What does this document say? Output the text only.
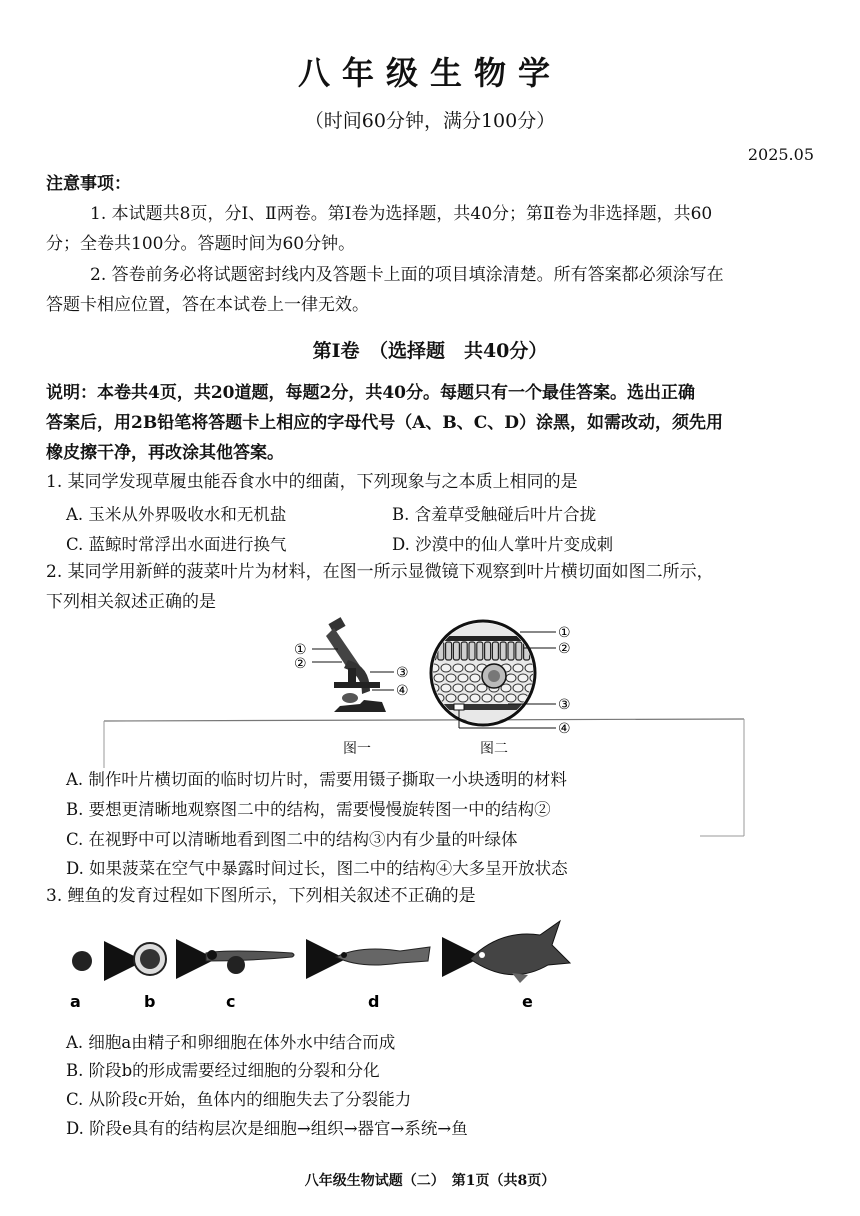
八年级生物学
（时间60分钟，满分100分）
2025.05
注意事项：
1. 本试题共8页，分Ⅰ、Ⅱ两卷。第Ⅰ卷为选择题，共40分；第Ⅱ卷为非选择题，共60
分；全卷共100分。答题时间为60分钟。
2. 答卷前务必将试题密封线内及答题卡上面的项目填涂清楚。所有答案都必须涂写在
答题卡相应位置，答在本试卷上一律无效。
第Ⅰ卷　（选择题　共40分）
说明：本卷共4页，共20道题，每题2分，共40分。每题只有一个最佳答案。选出正确
答案后，用2B铅笔将答题卡上相应的字母代号（A、B、C、D）涂黑，如需改动，须先用
橡皮擦干净，再改涂其他答案。
1. 某同学发现草履虫能吞食水中的细菌，下列现象与之本质上相同的是
A. 玉米从外界吸收水和无机盐	B. 含羞草受触碰后叶片合拢
C. 蓝鲸时常浮出水面进行换气	D. 沙漠中的仙人掌叶片变成刺
2. 某同学用新鲜的菠菜叶片为材料，在图一所示显微镜下观察到叶片横切面如图二所示，
下列相关叙述正确的是
①
②
③
④
①
②
③
④
图一	图二
A. 制作叶片横切面的临时切片时，需要用镊子撕取一小块透明的材料
B. 要想更清晰地观察图二中的结构，需要慢慢旋转图一中的结构②
C. 在视野中可以清晰地看到图二中的结构③内有少量的叶绿体
D. 如果菠菜在空气中暴露时间过长，图二中的结构④大多呈开放状态
3. 鲤鱼的发育过程如下图所示，下列相关叙述不正确的是
a	b	c	d	e
A. 细胞a由精子和卵细胞在体外水中结合而成
B. 阶段b的形成需要经过细胞的分裂和分化
C. 从阶段c开始，鱼体内的细胞失去了分裂能力
D. 阶段e具有的结构层次是细胞→组织→器官→系统→鱼
八年级生物试题（二）　第1页（共8页）
